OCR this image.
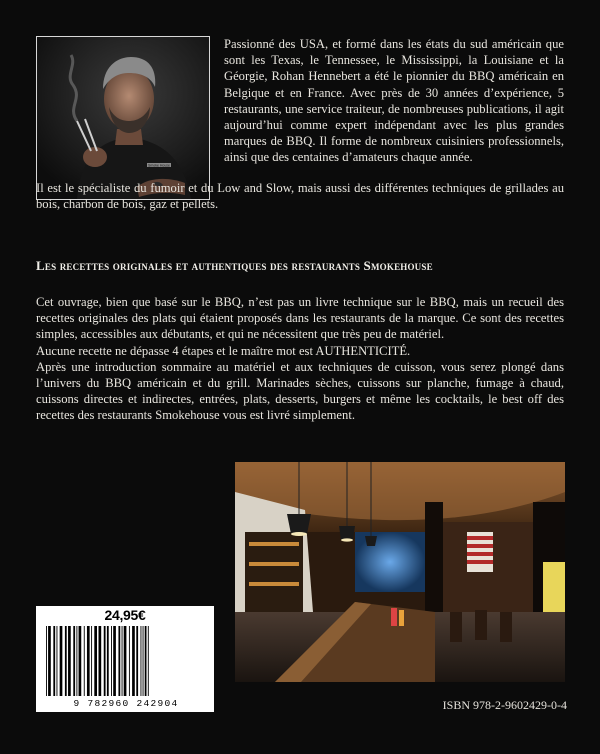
Smoke House

Passionné des USA, et formé dans les états du sud américain que sont les Texas, le Tennessee, le Mississippi, la Louisiane et la Géorgie, Rohan Hennebert a été le pionnier du BBQ américain en Belgique et en France. Avec près de 30 années d’expérience, 5 restaurants, une service traiteur, de nombreuses publications, il agit aujourd’hui comme expert indépendant avec les plus grandes marques de BBQ. Il forme de nombreux cuisiniers professionnels, ainsi que des centaines d’amateurs chaque année.

Il est le spécialiste du fumoir et du Low and Slow, mais aussi des différentes techniques de grillades au bois, charbon de bois, gaz et pellets.

Les recettes originales et authentiques des restaurants Smokehouse

Cet ouvrage, bien que basé sur le BBQ, n’est pas un livre technique sur le BBQ, mais un recueil des recettes originales des plats qui étaient proposés dans les restaurants de la marque. Ce sont des recettes simples, accessibles aux débutants, et qui ne nécessitent que très peu de matériel.

Aucune recette ne dépasse 4 étapes et le maître mot est AUTHENTICITÉ.

Après une introduction sommaire au matériel et aux techniques de cuisson, vous serez plongé dans l’univers du BBQ américain et du grill. Marinades sèches, cuissons sur planche, fumage à chaud, cuissons directes et indirectes, entrées, plats, desserts, burgers et même les cocktails, le best off des recettes des restaurants Smokehouse vous est livré simplement.

24,95€
9 782960 242904	ISBN 978-2-9602429-0-4
